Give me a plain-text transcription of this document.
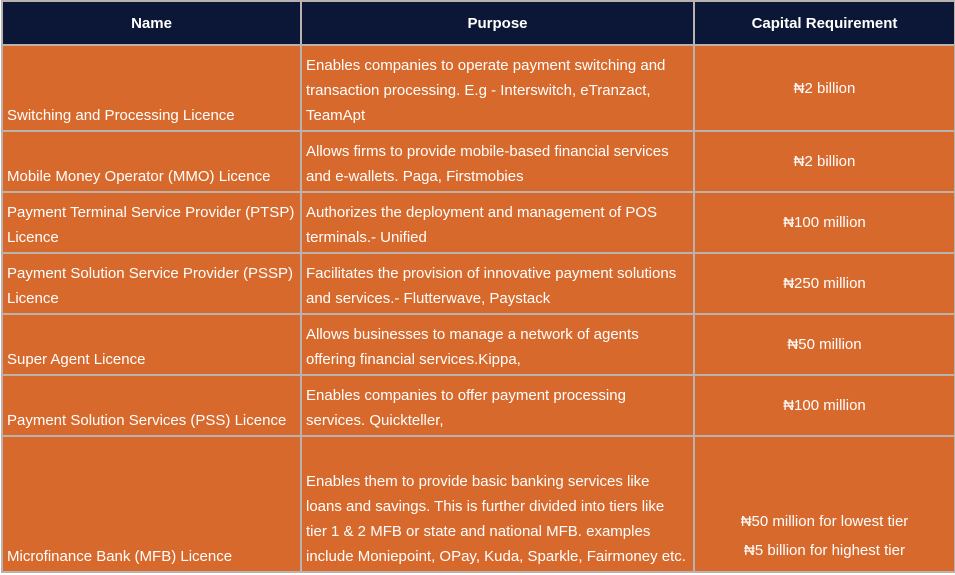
Name	Purpose	Capital Requirement
Switching and Processing Licence	Enables companies to operate payment switching and transaction processing. E.g - Interswitch, eTranzact, TeamApt	₦2 billion

Mobile Money Operator (MMO) Licence	Allows firms to provide mobile-based financial services and e-wallets. Paga, Firstmobies	₦2 billion

Payment Terminal Service Provider (PTSP) Licence	Authorizes the deployment and management of POS terminals.- Unified	₦100 million

Payment Solution Service Provider (PSSP) Licence	Facilitates the provision of innovative payment solutions and services.- Flutterwave, Paystack	₦250 million

Super Agent Licence	Allows businesses to manage a network of agents offering financial services.Kippa,	₦50 million

Payment Solution Services (PSS) Licence	Enables companies to offer payment processing services. Quickteller,	₦100 million

Microfinance Bank (MFB) Licence	Enables them to provide basic banking services like loans and savings. This is further divided into tiers like tier 1 & 2 MFB or state and national MFB. examples include Moniepoint, OPay, Kuda, Sparkle, Fairmoney etc.	₦50 million for lowest tier
₦5 billion for highest tier
